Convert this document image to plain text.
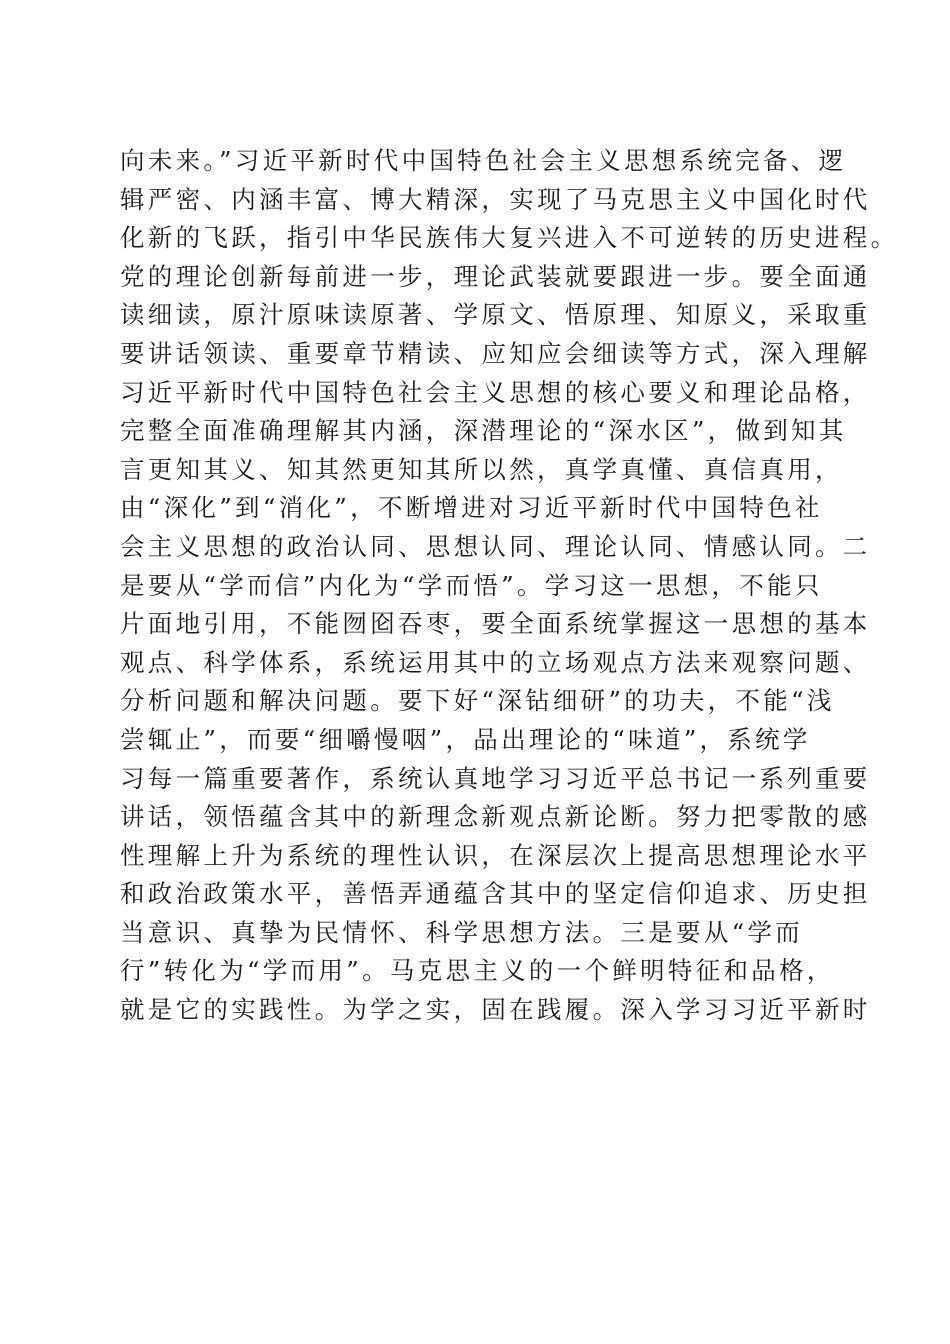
向未来。”习近平新时代中国特色社会主义思想系统完备、逻
辑严密、内涵丰富、博大精深，实现了马克思主义中国化时代
化新的飞跃，指引中华民族伟大复兴进入不可逆转的历史进程。
党的理论创新每前进一步，理论武装就要跟进一步。要全面通
读细读，原汁原味读原著、学原文、悟原理、知原义，采取重
要讲话领读、重要章节精读、应知应会细读等方式，深入理解
习近平新时代中国特色社会主义思想的核心要义和理论品格，
完整全面准确理解其内涵，深潜理论的“深水区”，做到知其
言更知其义、知其然更知其所以然，真学真懂、真信真用，
由“深化”到“消化”，不断增进对习近平新时代中国特色社
会主义思想的政治认同、思想认同、理论认同、情感认同。二
是要从“学而信”内化为“学而悟”。学习这一思想，不能只
片面地引用，不能囫囵吞枣，要全面系统掌握这一思想的基本
观点、科学体系，系统运用其中的立场观点方法来观察问题、
分析问题和解决问题。要下好“深钻细研”的功夫，不能“浅
尝辄止”，而要“细嚼慢咽”，品出理论的“味道”，系统学
习每一篇重要著作，系统认真地学习习近平总书记一系列重要
讲话，领悟蕴含其中的新理念新观点新论断。努力把零散的感
性理解上升为系统的理性认识，在深层次上提高思想理论水平
和政治政策水平，善悟弄通蕴含其中的坚定信仰追求、历史担
当意识、真挚为民情怀、科学思想方法。三是要从“学而
行”转化为“学而用”。马克思主义的一个鲜明特征和品格，
就是它的实践性。为学之实，固在践履。深入学习习近平新时
